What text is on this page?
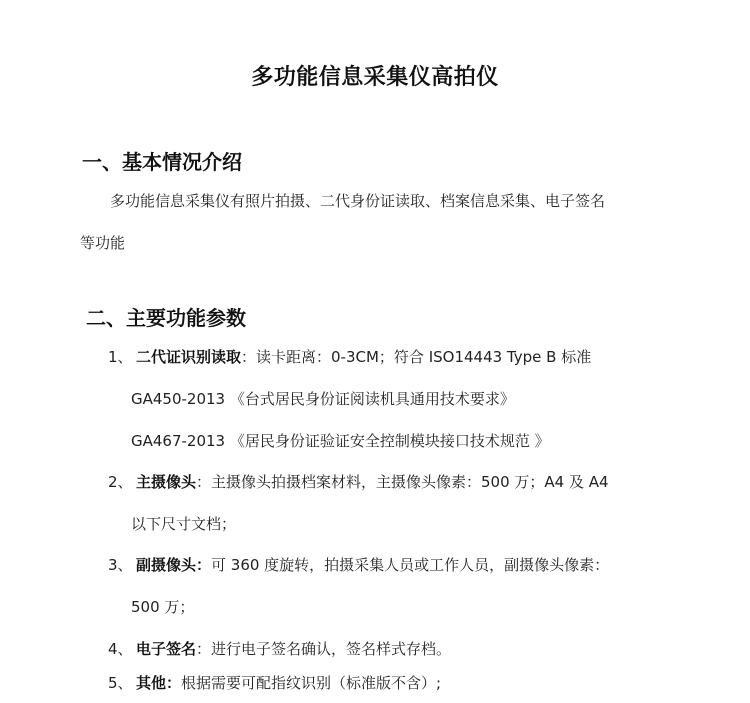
多功能信息采集仪高拍仪
一、基本情况介绍
多功能信息采集仪有照片拍摄、二代身份证读取、档案信息采集、电子签名
等功能
二、主要功能参数
1、 二代证识别读取：读卡距离：0-3CM；符合 ISO14443 Type B 标准
GA450-2013 《台式居民身份证阅读机具通用技术要求》
GA467-2013 《居民身份证验证安全控制模块接口技术规范 》
2、 主摄像头：主摄像头拍摄档案材料，主摄像头像素：500 万；A4 及 A4
以下尺寸文档；
3、 副摄像头：可 360 度旋转，拍摄采集人员或工作人员，副摄像头像素：
500 万；
4、 电子签名：进行电子签名确认，签名样式存档。
5、 其他：根据需要可配指纹识别（标准版不含）;
